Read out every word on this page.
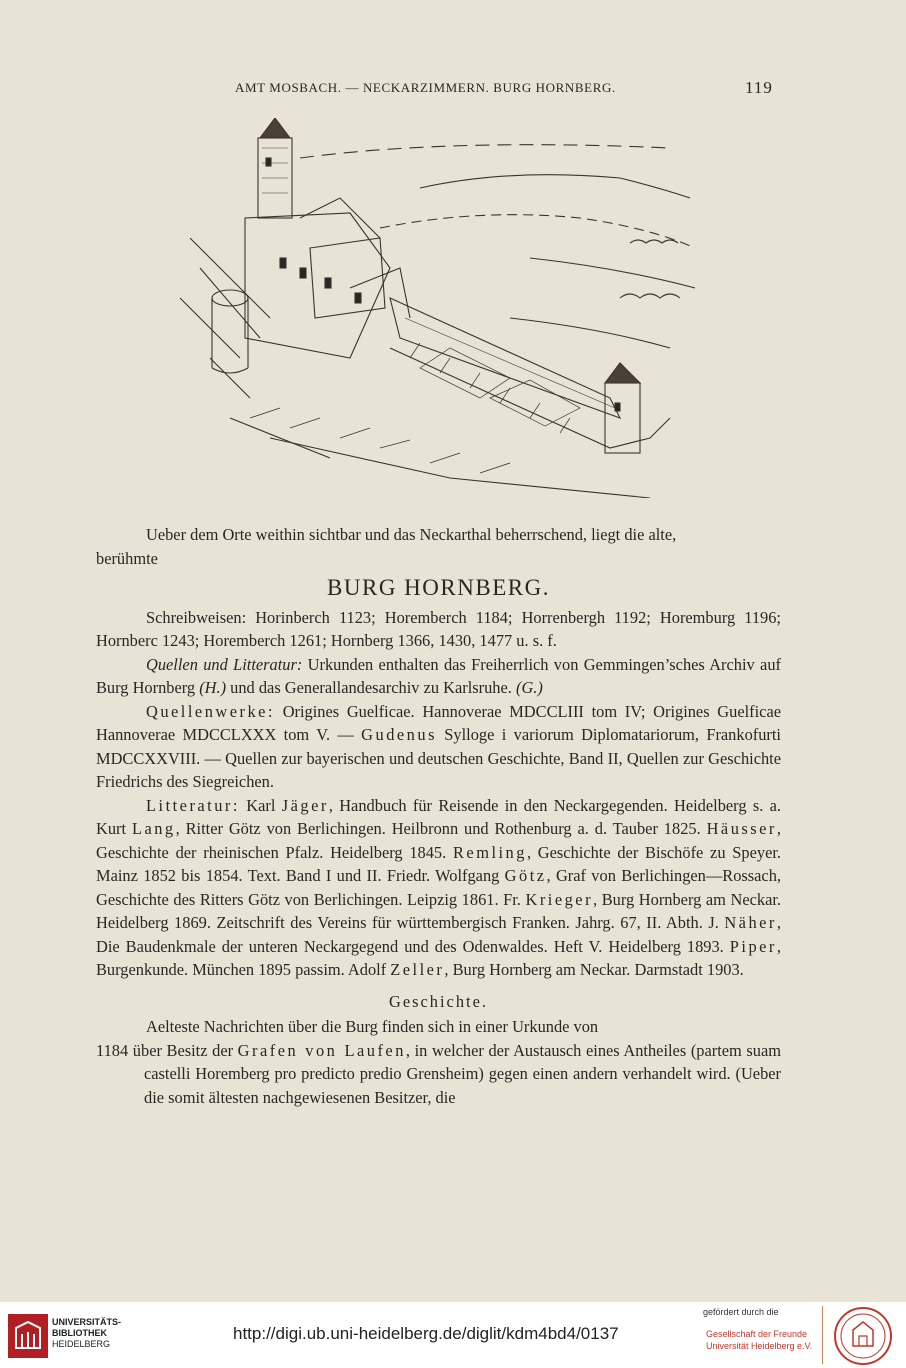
AMT MOSBACH. — NECKARZIMMERN. BURG HORNBERG.	119

Ueber dem Orte weithin sichtbar und das Neckarthal beherrschend, liegt die alte,

berühmte

BURG HORNBERG.

Schreibweisen: Horinberch 1123; Horemberch 1184; Horrenbergh 1192; Horemburg 1196; Hornberc 1243; Horemberch 1261; Hornberg 1366, 1430, 1477 u. s. f.

Quellen und Litteratur: Urkunden enthalten das Freiherrlich von Gemmingen’sches Archiv auf Burg Hornberg (H.) und das Generallandesarchiv zu Karlsruhe. (G.)

Quellenwerke: Origines Guelficae. Hannoverae MDCCLIII tom IV; Origines Guelficae Hannoverae MDCCLXXX tom V. — Gudenus Sylloge i variorum Diplomatariorum, Frankofurti MDCCXXVIII. — Quellen zur bayerischen und deutschen Geschichte, Band II, Quellen zur Geschichte Friedrichs des Siegreichen.

Litteratur: Karl Jäger, Handbuch für Reisende in den Neckargegenden. Heidelberg s. a. Kurt Lang, Ritter Götz von Berlichingen. Heilbronn und Rothenburg a. d. Tauber 1825. Häusser, Geschichte der rheinischen Pfalz. Heidelberg 1845. Remling, Geschichte der Bischöfe zu Speyer. Mainz 1852 bis 1854. Text. Band I und II. Friedr. Wolfgang Götz, Graf von Berlichingen—Rossach, Geschichte des Ritters Götz von Berlichingen. Leipzig 1861. Fr. Krieger, Burg Hornberg am Neckar. Heidelberg 1869. Zeitschrift des Vereins für württembergisch Franken. Jahrg. 67, II. Abth. J. Näher, Die Baudenkmale der unteren Neckargegend und des Odenwaldes. Heft V. Heidelberg 1893. Piper, Burgenkunde. München 1895 passim. Adolf Zeller, Burg Hornberg am Neckar. Darmstadt 1903.

Geschichte.

Aelteste Nachrichten über die Burg finden sich in einer Urkunde von

1184 über Besitz der Grafen von Laufen, in welcher der Austausch eines Antheiles (partem suam castelli Horemberg pro predicto predio Grensheim) gegen einen andern verhandelt wird. (Ueber die somit ältesten nachgewiesenen Besitzer, die

UNIVERSITÄTS-
BIBLIOTHEK
HEIDELBERG
http://digi.ub.uni-heidelberg.de/diglit/kdm4bd4/0137
gefördert durch die
Gesellschaft der Freunde
Universität Heidelberg e.V.
